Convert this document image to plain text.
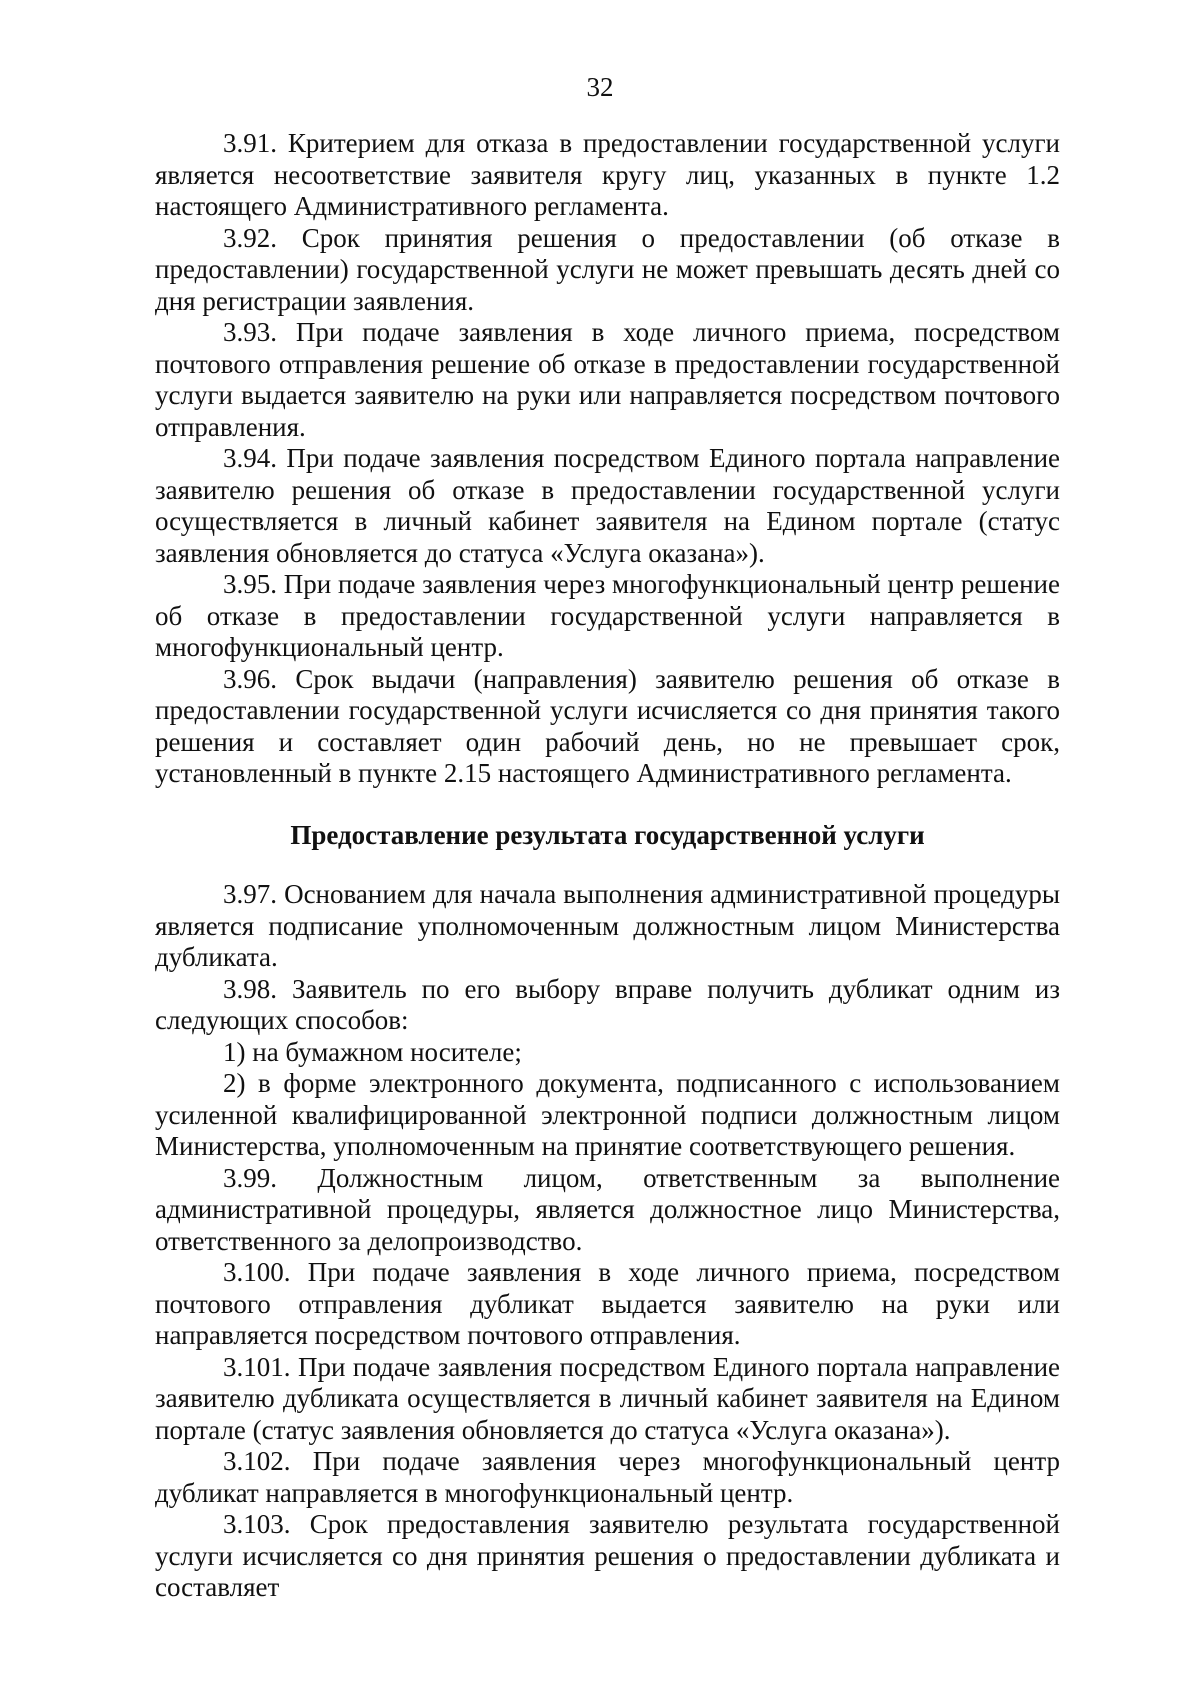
32

3.91. Критерием для отказа в предоставлении государственной услуги является несоответствие заявителя кругу лиц, указанных в пункте 1.2 настоящего Административного регламента.

3.92. Срок принятия решения о предоставлении (об отказе в предоставлении) государственной услуги не может превышать десять дней со дня регистрации заявления.

3.93. При подаче заявления в ходе личного приема, посредством почтового отправления решение об отказе в предоставлении государственной услуги выдается заявителю на руки или направляется посредством почтового отправления.

3.94. При подаче заявления посредством Единого портала направление заявителю решения об отказе в предоставлении государственной услуги осуществляется в личный кабинет заявителя на Едином портале (статус заявления обновляется до статуса «Услуга оказана»).

3.95. При подаче заявления через многофункциональный центр решение об отказе в предоставлении государственной услуги направляется в многофункциональный центр.

3.96. Срок выдачи (направления) заявителю решения об отказе в предоставлении государственной услуги исчисляется со дня принятия такого решения и составляет один рабочий день, но не превышает срок, установленный в пункте 2.15 настоящего Административного регламента.

Предоставление результата государственной услуги

3.97. Основанием для начала выполнения административной процедуры является подписание уполномоченным должностным лицом Министерства дубликата.

3.98. Заявитель по его выбору вправе получить дубликат одним из следующих способов:

1) на бумажном носителе;

2) в форме электронного документа, подписанного с использованием усиленной квалифицированной электронной подписи должностным лицом Министерства, уполномоченным на принятие соответствующего решения.

3.99. Должностным лицом, ответственным за выполнение административной процедуры, является должностное лицо Министерства, ответственного за делопроизводство.

3.100. При подаче заявления в ходе личного приема, посредством почтового отправления дубликат выдается заявителю на руки или направляется посредством почтового отправления.

3.101. При подаче заявления посредством Единого портала направление заявителю дубликата осуществляется в личный кабинет заявителя на Едином портале (статус заявления обновляется до статуса «Услуга оказана»).

3.102. При подаче заявления через многофункциональный центр дубликат направляется в многофункциональный центр.

3.103. Срок предоставления заявителю результата государственной услуги исчисляется со дня принятия решения о предоставлении дубликата и составляет
